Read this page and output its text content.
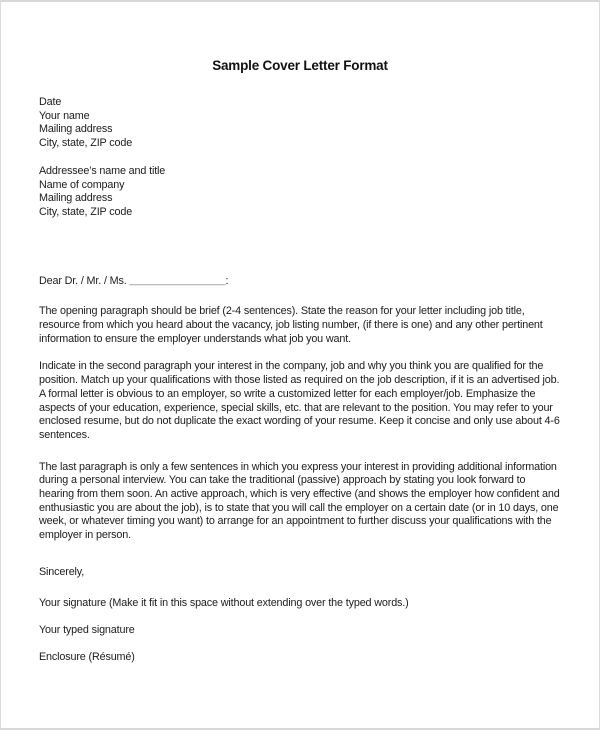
Sample Cover Letter Format
Date
Your name
Mailing address
City, state, ZIP code
Addressee’s name and title
Name of company
Mailing address
City, state, ZIP code
Dear Dr. / Mr. / Ms. ________________:
The opening paragraph should be brief (2-4 sentences). State the reason for your letter including job title, resource from which you heard about the vacancy, job listing number, (if there is one) and any other pertinent information to ensure the employer understands what job you want.
Indicate in the second paragraph your interest in the company, job and why you think you are qualified for the position. Match up your qualifications with those listed as required on the job description, if it is an advertised job. A formal letter is obvious to an employer, so write a customized letter for each employer/job. Emphasize the aspects of your education, experience, special skills, etc. that are relevant to the position. You may refer to your enclosed resume, but do not duplicate the exact wording of your resume. Keep it concise and only use about 4-6 sentences.
The last paragraph is only a few sentences in which you express your interest in providing additional information during a personal interview. You can take the traditional (passive) approach by stating you look forward to hearing from them soon. An active approach, which is very effective (and shows the employer how confident and enthusiastic you are about the job), is to state that you will call the employer on a certain date (or in 10 days, one week, or whatever timing you want) to arrange for an appointment to further discuss your qualifications with the employer in person.
Sincerely,
Your signature (Make it fit in this space without extending over the typed words.)
Your typed signature
Enclosure (Résumé)
